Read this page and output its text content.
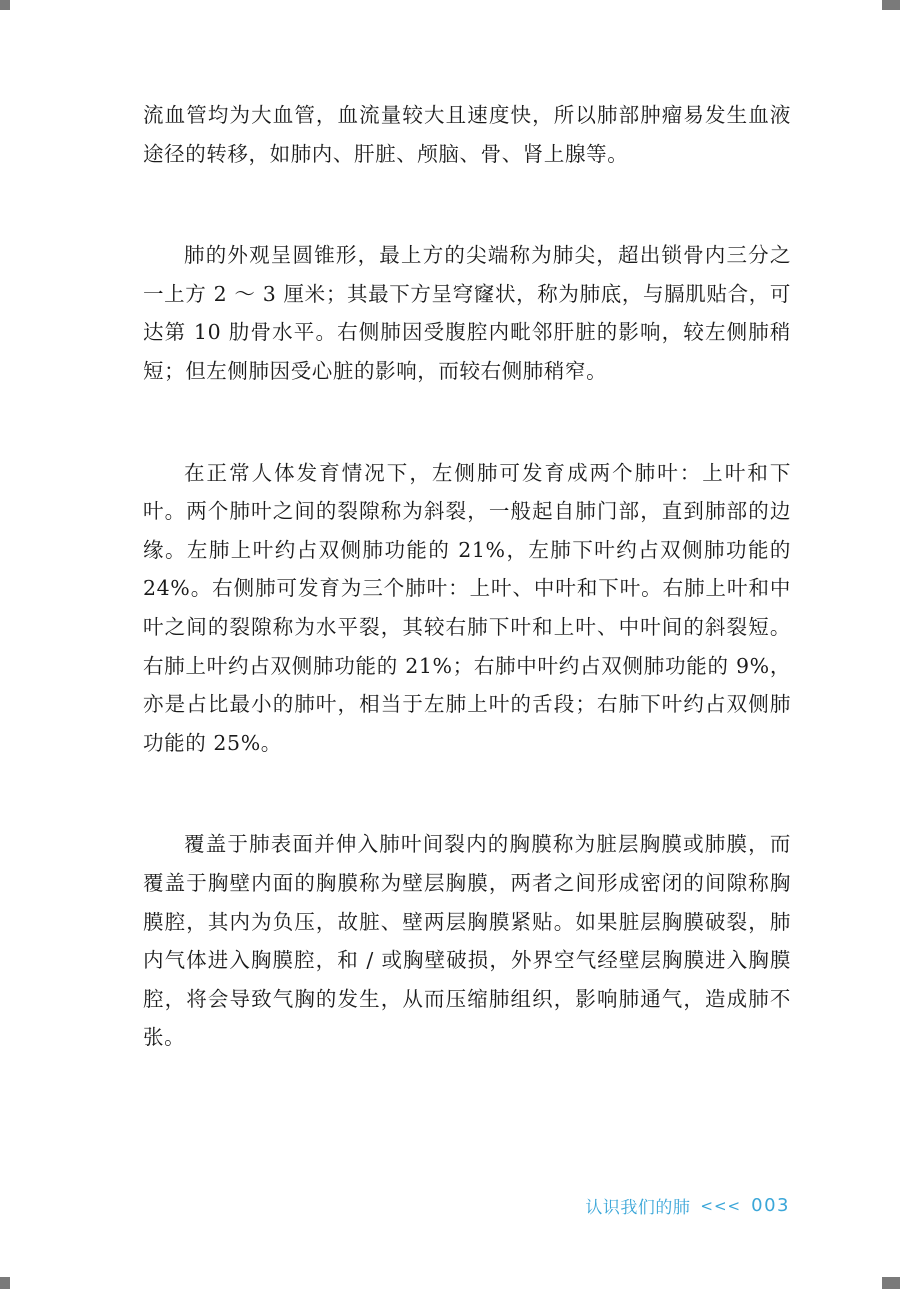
流血管均为大血管，血流量较大且速度快，所以肺部肿瘤易发生血液途径的转移，如肺内、肝脏、颅脑、骨、肾上腺等。

肺的外观呈圆锥形，最上方的尖端称为肺尖，超出锁骨内三分之一上方 2 ～ 3 厘米；其最下方呈穹窿状，称为肺底，与膈肌贴合，可达第 10 肋骨水平。右侧肺因受腹腔内毗邻肝脏的影响，较左侧肺稍短；但左侧肺因受心脏的影响，而较右侧肺稍窄。

在正常人体发育情况下，左侧肺可发育成两个肺叶：上叶和下叶。两个肺叶之间的裂隙称为斜裂，一般起自肺门部，直到肺部的边缘。左肺上叶约占双侧肺功能的 21%，左肺下叶约占双侧肺功能的 24%。右侧肺可发育为三个肺叶：上叶、中叶和下叶。右肺上叶和中叶之间的裂隙称为水平裂，其较右肺下叶和上叶、中叶间的斜裂短。右肺上叶约占双侧肺功能的 21%；右肺中叶约占双侧肺功能的 9%，亦是占比最小的肺叶，相当于左肺上叶的舌段；右肺下叶约占双侧肺功能的 25%。

覆盖于肺表面并伸入肺叶间裂内的胸膜称为脏层胸膜或肺膜，而覆盖于胸壁内面的胸膜称为壁层胸膜，两者之间形成密闭的间隙称胸膜腔，其内为负压，故脏、壁两层胸膜紧贴。如果脏层胸膜破裂，肺内气体进入胸膜腔，和 / 或胸壁破损，外界空气经壁层胸膜进入胸膜腔，将会导致气胸的发生，从而压缩肺组织，影响肺通气，造成肺不张。

认识我们的肺 <<< 003
